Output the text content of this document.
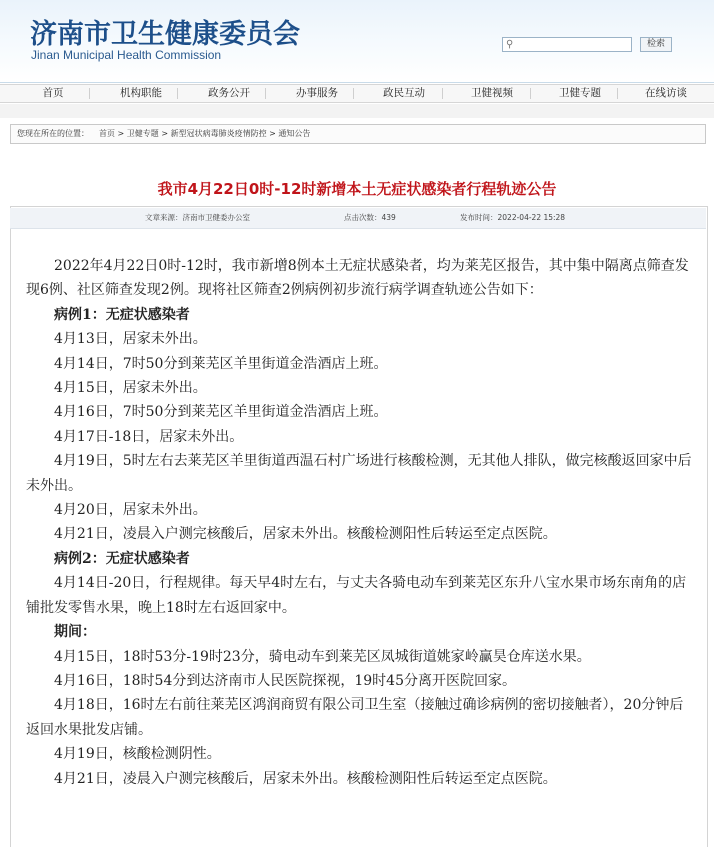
济南市卫生健康委员会
Jinan Municipal Health Commission
⚲	检索
首页	机构职能	政务公开	办事服务	政民互动	卫健视频	卫健专题	在线访谈
您现在所在的位置： 首页 > 卫健专题 > 新型冠状病毒肺炎疫情防控 > 通知公告
我市4月22日0时-12时新增本土无症状感染者行程轨迹公告
文章来源：济南市卫健委办公室	点击次数：439	发布时间：2022-04-22 15:28

2022年4月22日0时-12时，我市新增8例本土无症状感染者，均为莱芜区报告，其中集中隔离点筛查发现6例、社区筛查发现2例。现将社区筛查2例病例初步流行病学调查轨迹公告如下：

病例1：无症状感染者

4月13日，居家未外出。

4月14日，7时50分到莱芜区羊里街道金浩酒店上班。

4月15日，居家未外出。

4月16日，7时50分到莱芜区羊里街道金浩酒店上班。

4月17日-18日，居家未外出。

4月19日，5时左右去莱芜区羊里街道西温石村广场进行核酸检测，无其他人排队，做完核酸返回家中后未外出。

4月20日，居家未外出。

4月21日，凌晨入户测完核酸后，居家未外出。核酸检测阳性后转运至定点医院。

病例2：无症状感染者

4月14日-20日，行程规律。每天早4时左右，与丈夫各骑电动车到莱芜区东升八宝水果市场东南角的店铺批发零售水果，晚上18时左右返回家中。

期间：

4月15日，18时53分-19时23分，骑电动车到莱芜区凤城街道姚家岭赢昊仓库送水果。

4月16日，18时54分到达济南市人民医院探视，19时45分离开医院回家。

4月18日，16时左右前往莱芜区鸿润商贸有限公司卫生室（接触过确诊病例的密切接触者），20分钟后返回水果批发店铺。

4月19日，核酸检测阴性。

4月21日，凌晨入户测完核酸后，居家未外出。核酸检测阳性后转运至定点医院。
